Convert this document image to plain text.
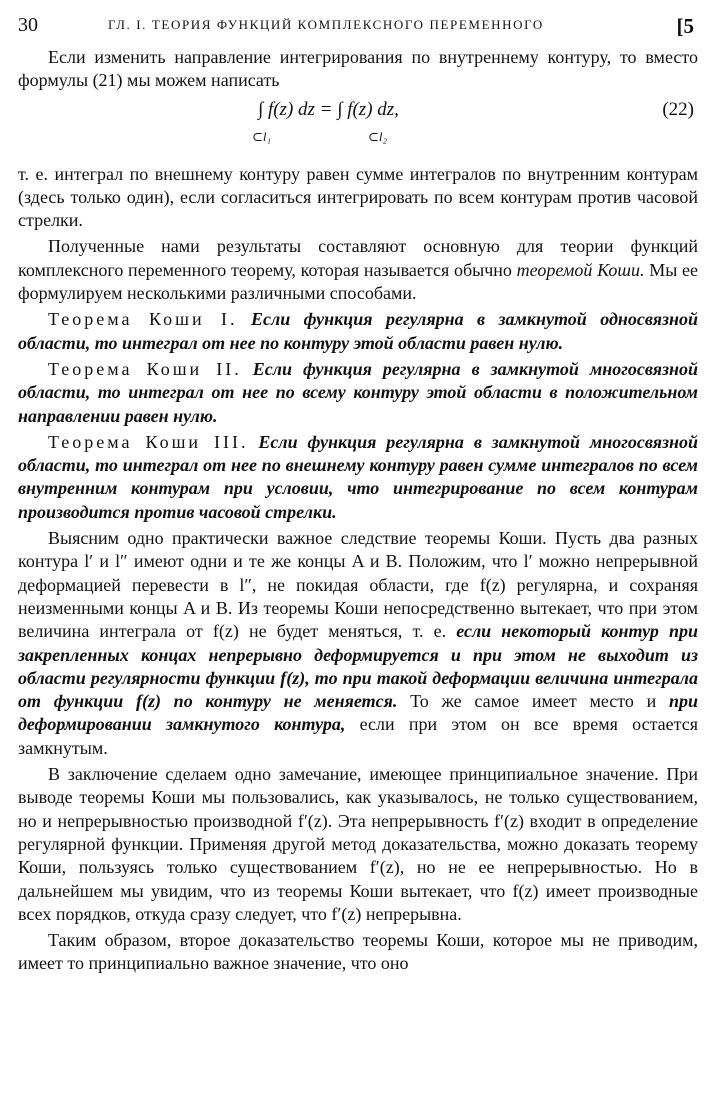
30	ГЛ. I. ТЕОРИЯ ФУНКЦИЙ КОМПЛЕКСНОГО ПЕРЕМЕННОГО	[5

Если изменить направление интегрирования по внутреннему контуру, то вместо формулы (21) мы можем написать

∫ f(z) dz = ∫ f(z) dz,
⊂l₁	⊂l₂
(22)

т. е. интеграл по внешнему контуру равен сумме интегралов по внутренним контурам (здесь только один), если согласиться интегрировать по всем контурам против часовой стрелки.

Полученные нами результаты составляют основную для теории функций комплексного переменного теорему, которая называется обычно теоремой Коши. Мы ее формулируем несколькими различными способами.

Теорема Коши I. Если функция регулярна в замкнутой односвязной области, то интеграл от нее по контуру этой области равен нулю.

Теорема Коши II. Если функция регулярна в замкнутой многосвязной области, то интеграл от нее по всему контуру этой области в положительном направлении равен нулю.

Теорема Коши III. Если функция регулярна в замкнутой многосвязной области, то интеграл от нее по внешнему контуру равен сумме интегралов по всем внутренним контурам при условии, что интегрирование по всем контурам производится против часовой стрелки.

Выясним одно практически важное следствие теоремы Коши. Пусть два разных контура l′ и l″ имеют одни и те же концы A и B. Положим, что l′ можно непрерывной деформацией перевести в l″, не покидая области, где f(z) регулярна, и сохраняя неизменными концы A и B. Из теоремы Коши непосредственно вытекает, что при этом величина интеграла от f(z) не будет меняться, т. е. если некоторый контур при закрепленных концах непрерывно деформируется и при этом не выходит из области регулярности функции f(z), то при такой деформации величина интеграла от функции f(z) по контуру не меняется. То же самое имеет место и при деформировании замкнутого контура, если при этом он все время остается замкнутым.

В заключение сделаем одно замечание, имеющее принципиальное значение. При выводе теоремы Коши мы пользовались, как указывалось, не только существованием, но и непрерывностью производной f′(z). Эта непрерывность f′(z) входит в определение регулярной функции. Применяя другой метод доказательства, можно доказать теорему Коши, пользуясь только существованием f′(z), но не ее непрерывностью. Но в дальнейшем мы увидим, что из теоремы Коши вытекает, что f(z) имеет производные всех порядков, откуда сразу следует, что f′(z) непрерывна.

Таким образом, второе доказательство теоремы Коши, которое мы не приводим, имеет то принципиально важное значение, что оно
